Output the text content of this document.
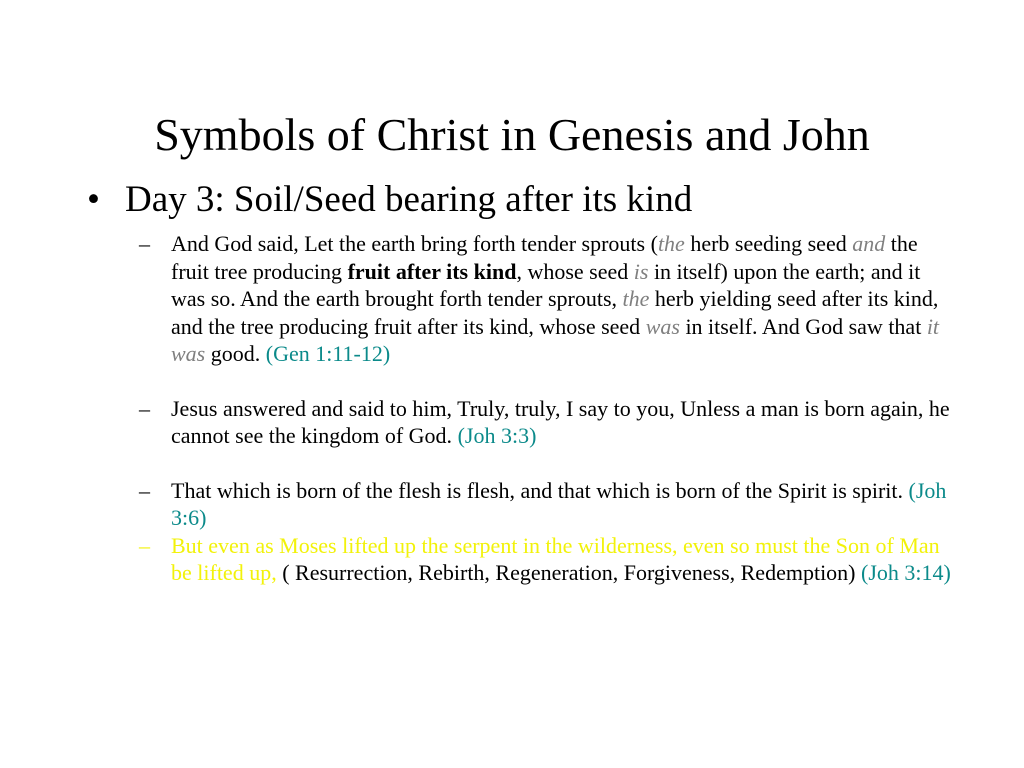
Symbols of Christ in Genesis and John
• Day 3: Soil/Seed bearing after its kind
– And God said, Let the earth bring forth tender sprouts (the herb seeding seed and the fruit tree producing fruit after its kind, whose seed is in itself) upon the earth; and it was so. And the earth brought forth tender sprouts, the herb yielding seed after its kind, and the tree producing fruit after its kind, whose seed was in itself. And God saw that it was good. (Gen 1:11-12)
– Jesus answered and said to him, Truly, truly, I say to you, Unless a man is born again, he cannot see the kingdom of God. (Joh 3:3)
– That which is born of the flesh is flesh, and that which is born of the Spirit is spirit. (Joh 3:6)
– But even as Moses lifted up the serpent in the wilderness, even so must the Son of Man be lifted up, ( Resurrection, Rebirth, Regeneration, Forgiveness, Redemption) (Joh 3:14)
